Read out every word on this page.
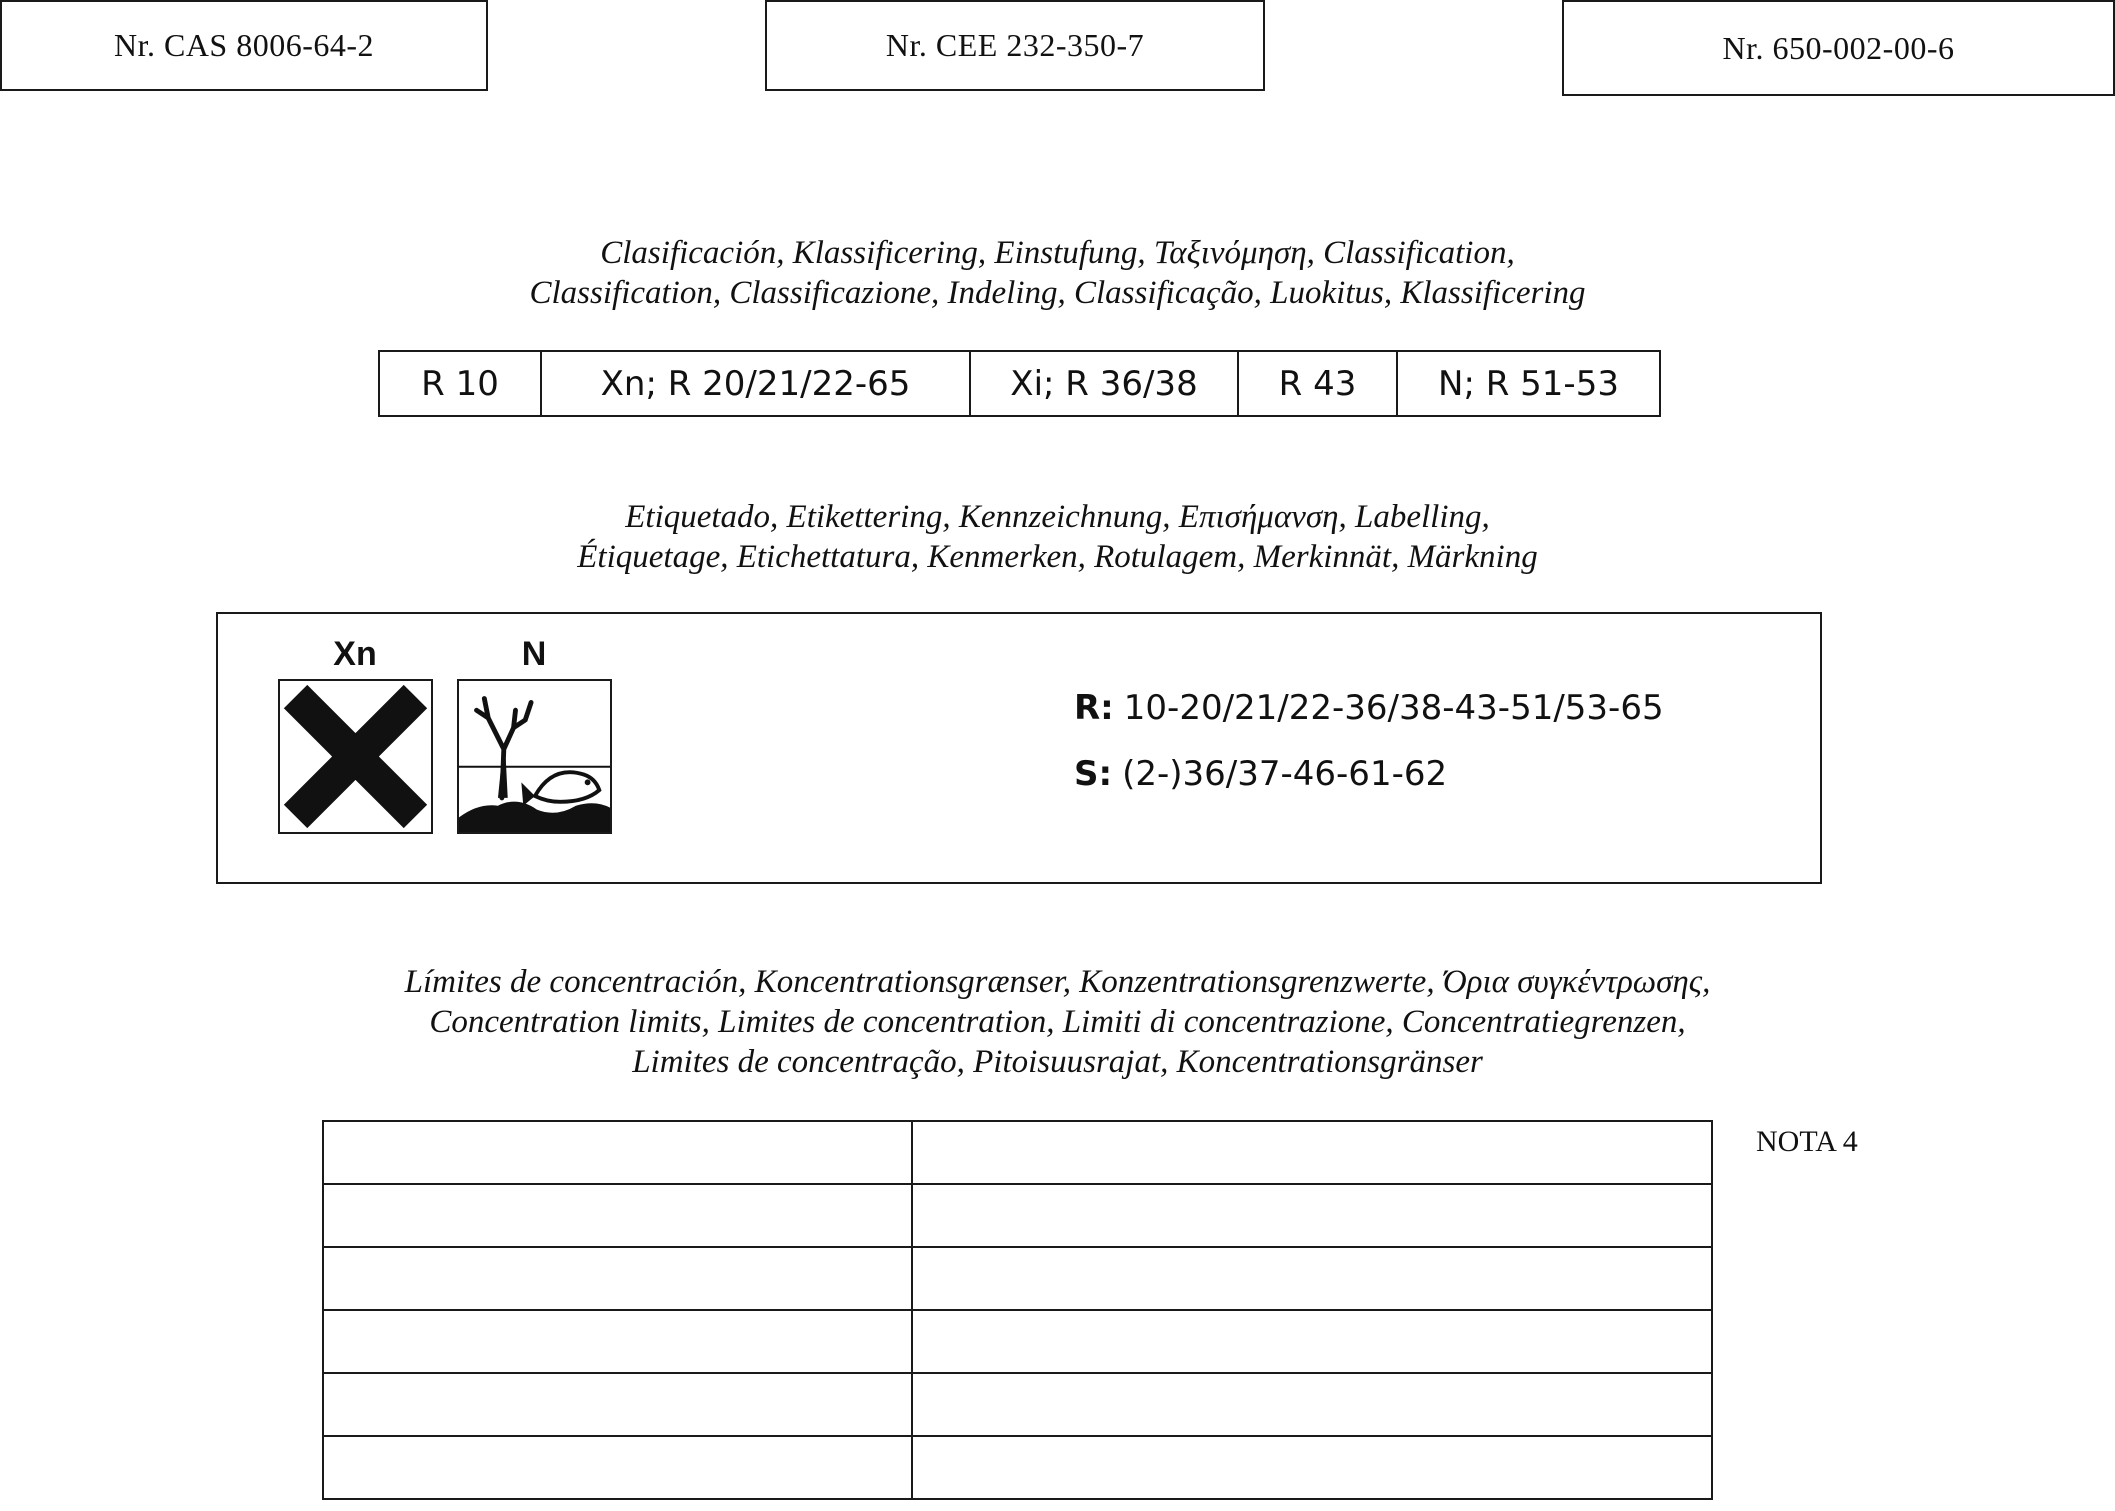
Nr. CAS 8006-64-2	Nr. CEE 232-350-7	Nr. 650-002-00-6
Clasificación, Klassificering, Einstufung, Ταξινόμηση, Classification,
Classification, Classificazione, Indeling, Classificação, Luokitus, Klassificering
R 10	Xn; R 20/21/22-65	Xi; R 36/38	R 43	N; R 51-53
Etiquetado, Etikettering, Kennzeichnung, Επισήμανση, Labelling,
Étiquetage, Etichettatura, Kenmerken, Rotulagem, Merkinnät, Märkning
Xn	N
R: 10-20/21/22-36/38-43-51/53-65
S: (2-)36/37-46-61-62
Límites de concentración, Koncentrationsgrænser, Konzentrationsgrenzwerte, Όρια συγκέντρωσης,
Concentration limits, Limites de concentration, Limiti di concentrazione, Concentratiegrenzen,
Limites de concentração, Pitoisuusrajat, Koncentrationsgränser

NOTA 4
